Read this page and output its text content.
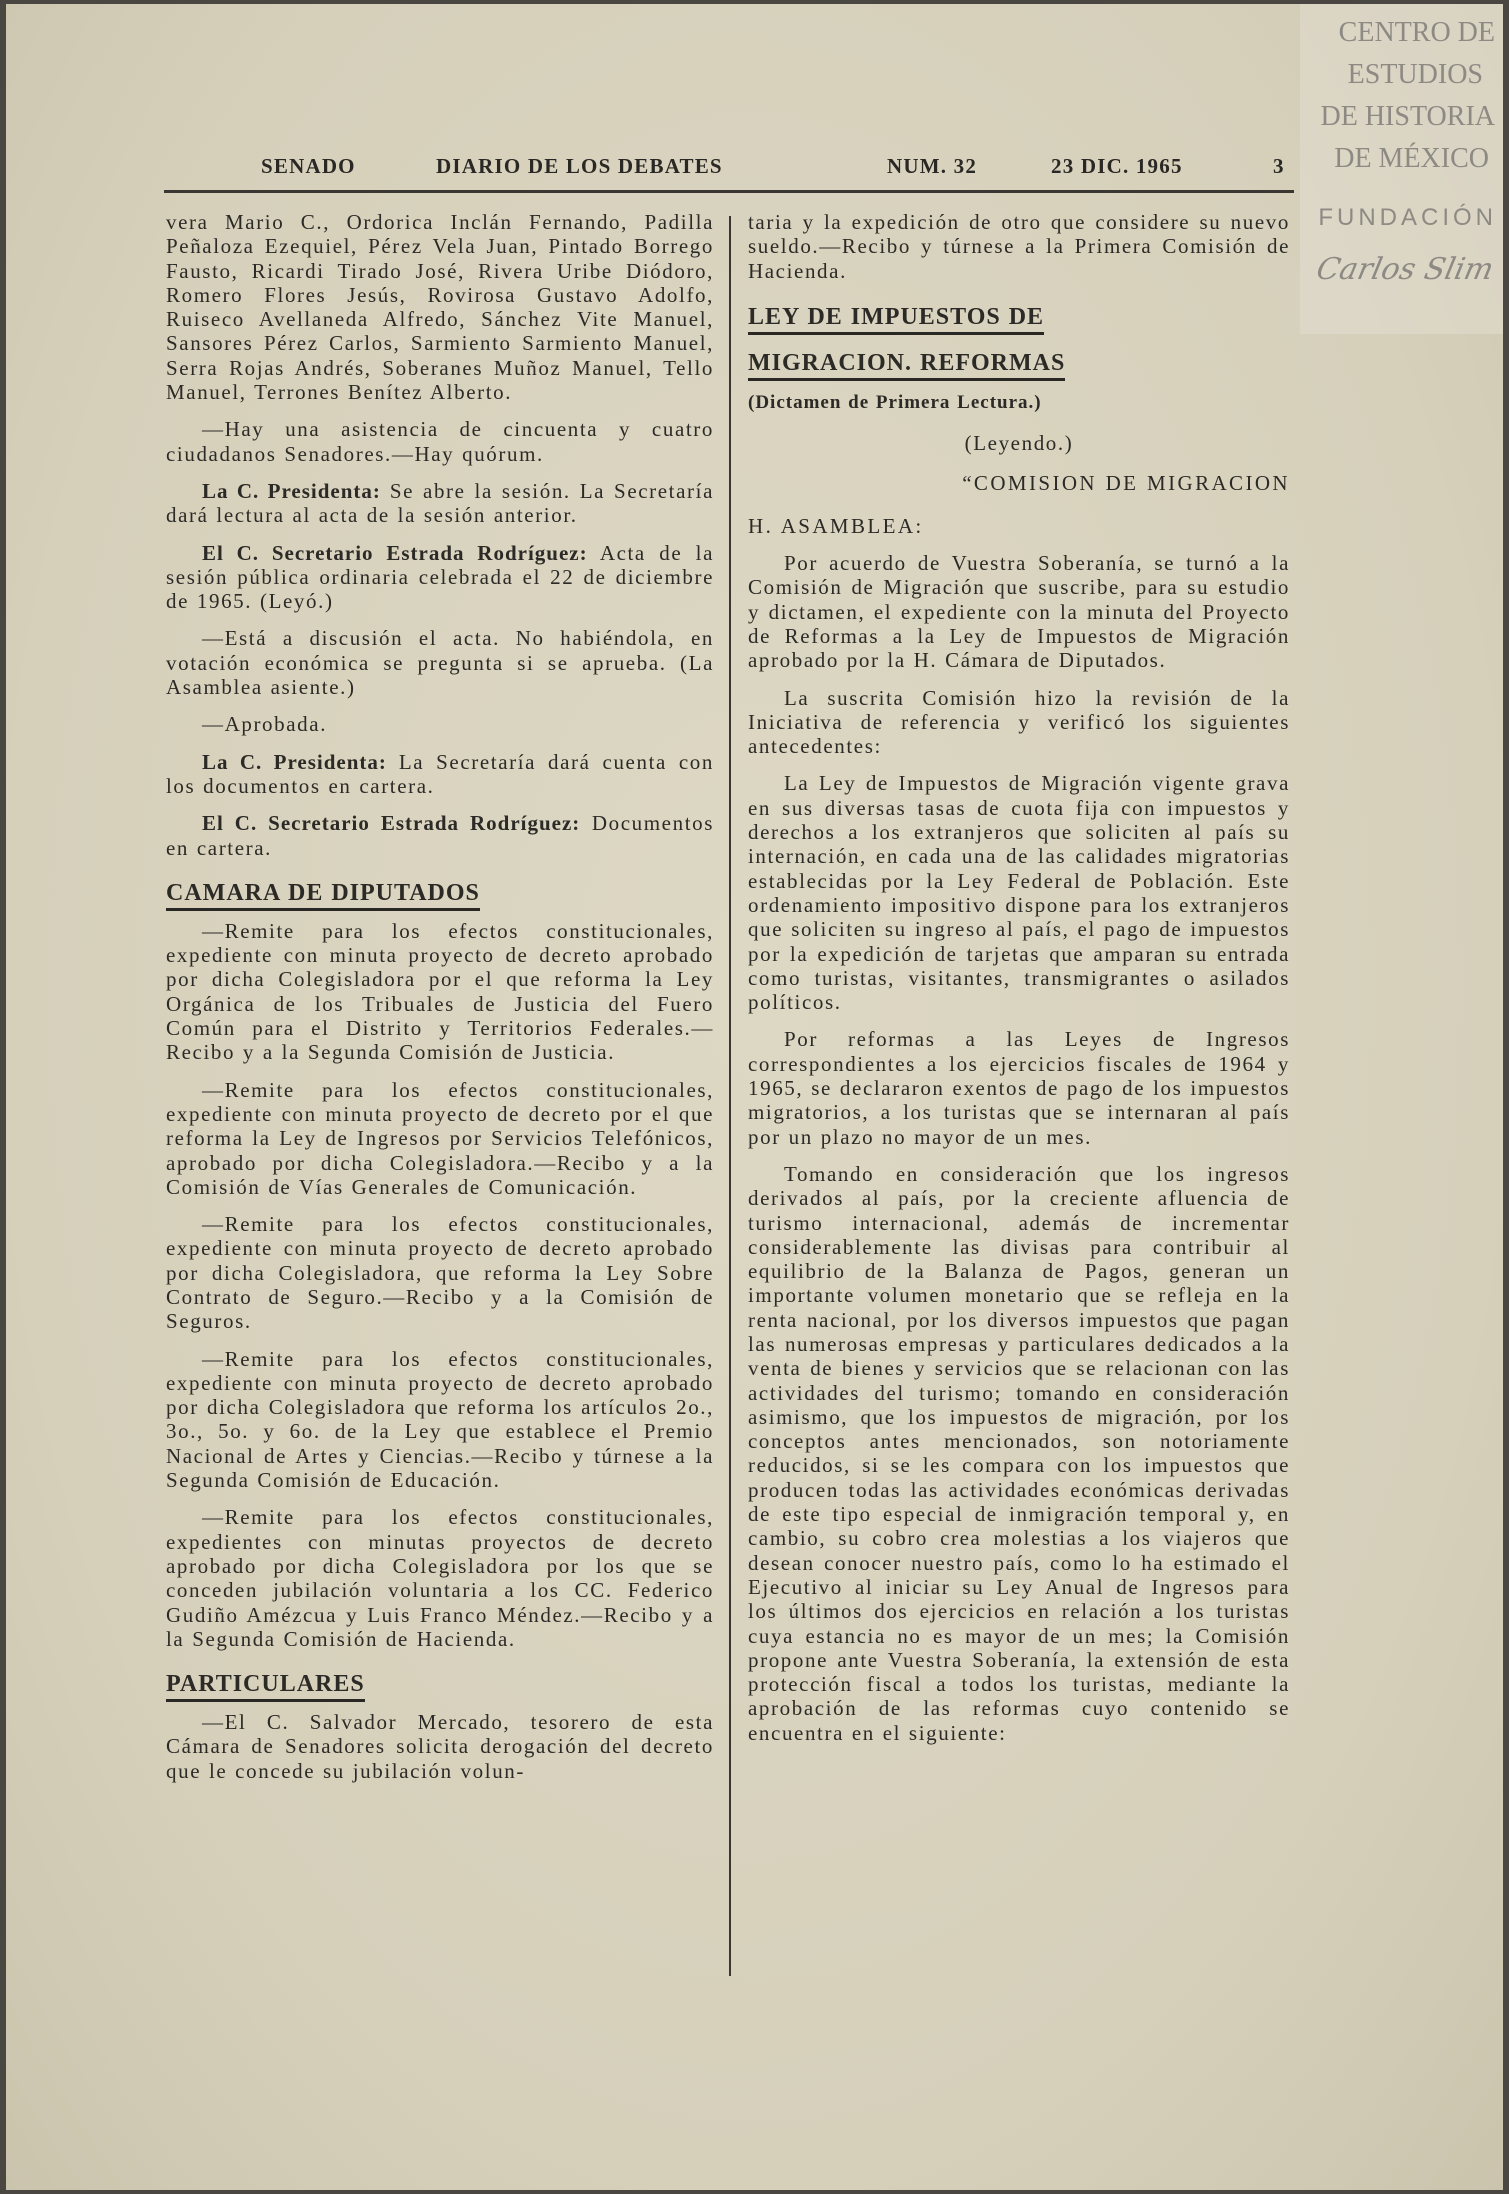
SENADO	DIARIO DE LOS DEBATES	NUM. 32	23 DIC. 1965	3

vera Mario C., Ordorica Inclán Fernando, Padilla Peñaloza Ezequiel, Pérez Vela Juan, Pintado Borrego Fausto, Ricardi Tirado José, Rivera Uribe Diódoro, Romero Flores Jesús, Rovirosa Gustavo Adolfo, Ruiseco Avellaneda Alfredo, Sánchez Vite Manuel, Sansores Pérez Carlos, Sarmiento Sarmiento Manuel, Serra Rojas Andrés, Soberanes Muñoz Manuel, Tello Manuel, Terrones Benítez Alberto.

—Hay una asistencia de cincuenta y cuatro ciudadanos Senadores.—Hay quórum.

La C. Presidenta: Se abre la sesión. La Secretaría dará lectura al acta de la sesión anterior.

El C. Secretario Estrada Rodríguez: Acta de la sesión pública ordinaria celebrada el 22 de diciembre de 1965. (Leyó.)

—Está a discusión el acta. No habiéndola, en votación económica se pregunta si se aprueba. (La Asamblea asiente.)

—Aprobada.

La C. Presidenta: La Secretaría dará cuenta con los documentos en cartera.

El C. Secretario Estrada Rodríguez: Documentos en cartera.

CAMARA DE DIPUTADOS

—Remite para los efectos constitucionales, expediente con minuta proyecto de decreto aprobado por dicha Colegisladora por el que reforma la Ley Orgánica de los Tribuales de Justicia del Fuero Común para el Distrito y Territorios Federales.—Recibo y a la Segunda Comisión de Justicia.

—Remite para los efectos constitucionales, expediente con minuta proyecto de decreto por el que reforma la Ley de Ingresos por Servicios Telefónicos, aprobado por dicha Colegisladora.—Recibo y a la Comisión de Vías Generales de Comunicación.

—Remite para los efectos constitucionales, expediente con minuta proyecto de decreto aprobado por dicha Colegisladora, que reforma la Ley Sobre Contrato de Seguro.—Recibo y a la Comisión de Seguros.

—Remite para los efectos constitucionales, expediente con minuta proyecto de decreto aprobado por dicha Colegisladora que reforma los artículos 2o., 3o., 5o. y 6o. de la Ley que establece el Premio Nacional de Artes y Ciencias.—Recibo y túrnese a la Segunda Comisión de Educación.

—Remite para los efectos constitucionales, expedientes con minutas proyectos de decreto aprobado por dicha Colegisladora por los que se conceden jubilación voluntaria a los CC. Federico Gudiño Amézcua y Luis Franco Méndez.—Recibo y a la Segunda Comisión de Hacienda.

PARTICULARES

—El C. Salvador Mercado, tesorero de esta Cámara de Senadores solicita derogación del decreto que le concede su jubilación volun-

taria y la expedición de otro que considere su nuevo sueldo.—Recibo y túrnese a la Primera Comisión de Hacienda.

LEY DE IMPUESTOS DE
MIGRACION. REFORMAS
(Dictamen de Primera Lectura.)

(Leyendo.)

“COMISION DE MIGRACION

H. ASAMBLEA:

Por acuerdo de Vuestra Soberanía, se turnó a la Comisión de Migración que suscribe, para su estudio y dictamen, el expediente con la minuta del Proyecto de Reformas a la Ley de Impuestos de Migración aprobado por la H. Cámara de Diputados.

La suscrita Comisión hizo la revisión de la Iniciativa de referencia y verificó los siguientes antecedentes:

La Ley de Impuestos de Migración vigente grava en sus diversas tasas de cuota fija con impuestos y derechos a los extranjeros que soliciten al país su internación, en cada una de las calidades migratorias establecidas por la Ley Federal de Población. Este ordenamiento impositivo dispone para los extranjeros que soliciten su ingreso al país, el pago de impuestos por la expedición de tarjetas que amparan su entrada como turistas, visitantes, transmigrantes o asilados políticos.

Por reformas a las Leyes de Ingresos correspondientes a los ejercicios fiscales de 1964 y 1965, se declararon exentos de pago de los impuestos migratorios, a los turistas que se internaran al país por un plazo no mayor de un mes.

Tomando en consideración que los ingresos derivados al país, por la creciente afluencia de turismo internacional, además de incrementar considerablemente las divisas para contribuir al equilibrio de la Balanza de Pagos, generan un importante volumen monetario que se refleja en la renta nacional, por los diversos impuestos que pagan las numerosas empresas y particulares dedicados a la venta de bienes y servicios que se relacionan con las actividades del turismo; tomando en consideración asimismo, que los impuestos de migración, por los conceptos antes mencionados, son notoriamente reducidos, si se les compara con los impuestos que producen todas las actividades económicas derivadas de este tipo especial de inmigración temporal y, en cambio, su cobro crea molestias a los viajeros que desean conocer nuestro país, como lo ha estimado el Ejecutivo al iniciar su Ley Anual de Ingresos para los últimos dos ejercicios en relación a los turistas cuya estancia no es mayor de un mes; la Comisión propone ante Vuestra Soberanía, la extensión de esta protección fiscal a todos los turistas, mediante la aprobación de las reformas cuyo contenido se encuentra en el siguiente:

CENTRO DE
ESTUDIOS
DE HISTORIA
DE MÉXICO
FUNDACIÓN
Carlos Slim
